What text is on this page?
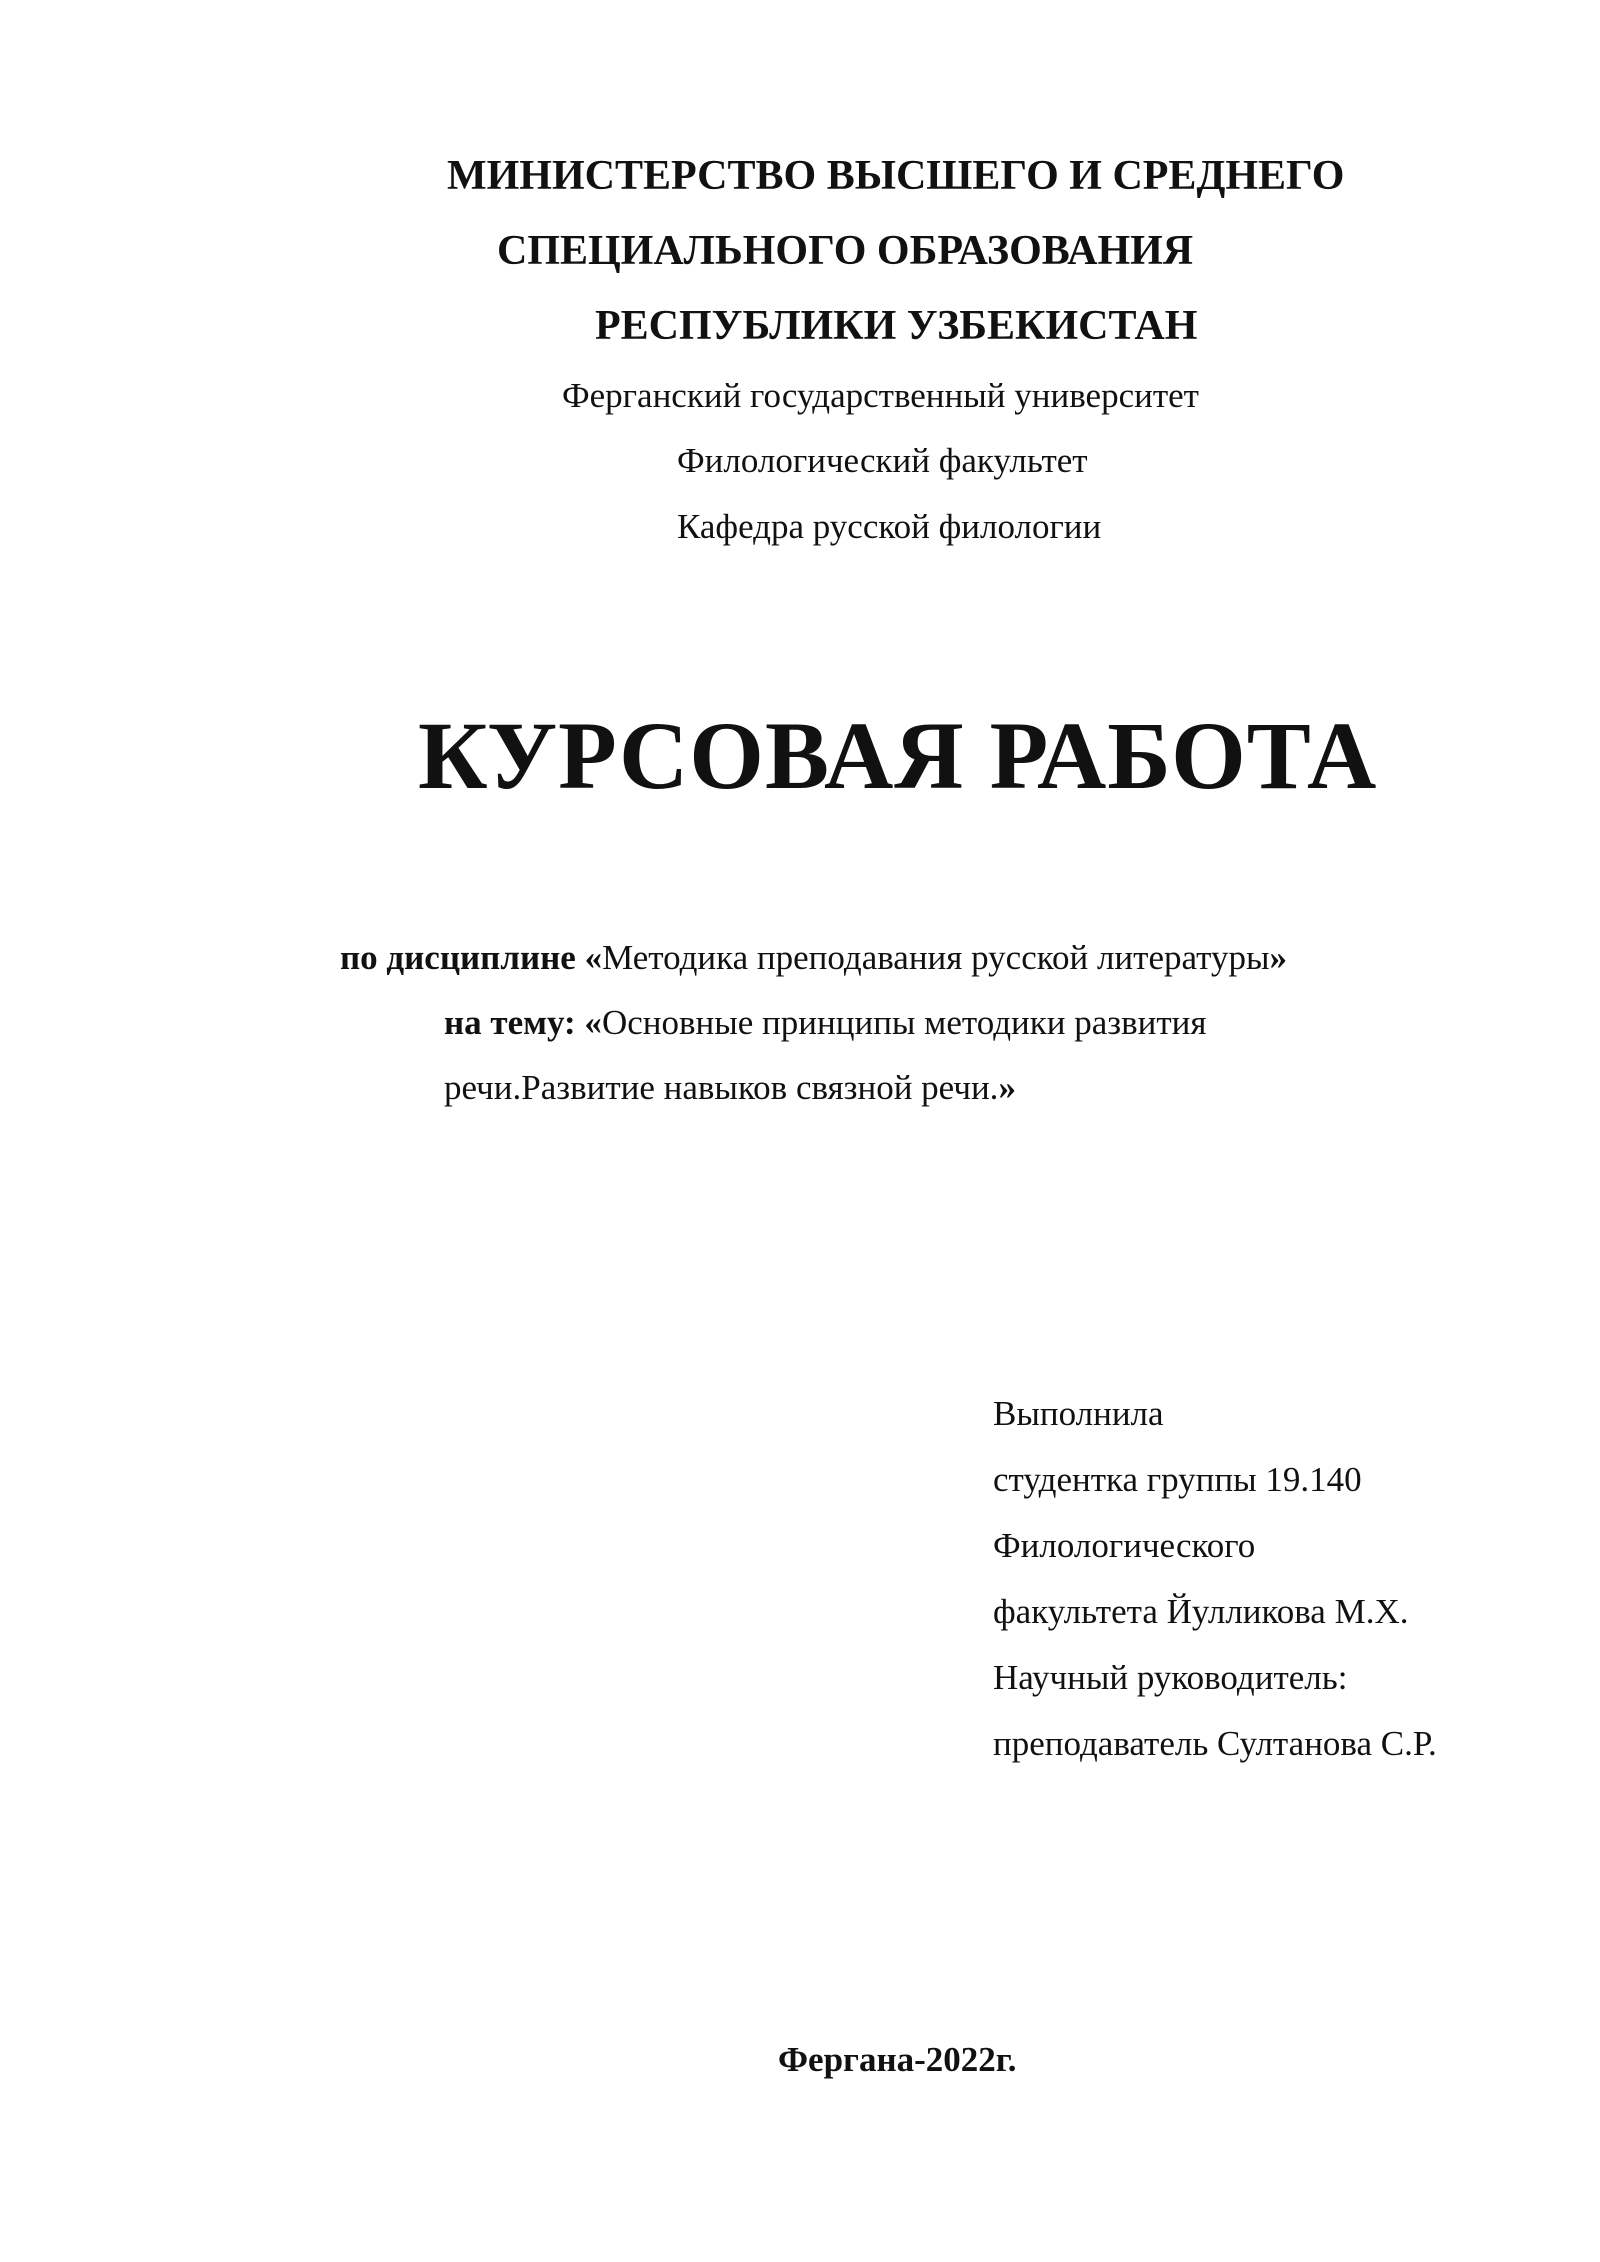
МИНИСТЕРСТВО ВЫСШЕГО И СРЕДНЕГО
СПЕЦИАЛЬНОГО ОБРАЗОВАНИЯ
РЕСПУБЛИКИ УЗБЕКИСТАН
Ферганский государственный университет
Филологический факультет
Кафедра русской филологии
КУРСОВАЯ РАБОТА
по дисциплине «Методика преподавания русской литературы»
на тему: «Основные принципы методики развития
речи.Развитие навыков связной речи.»
Выполнила
студентка группы 19.140
Филологического
факультета Йулликова М.Х.
Научный руководитель:
преподаватель Султанова С.Р.
Фергана-2022г.
